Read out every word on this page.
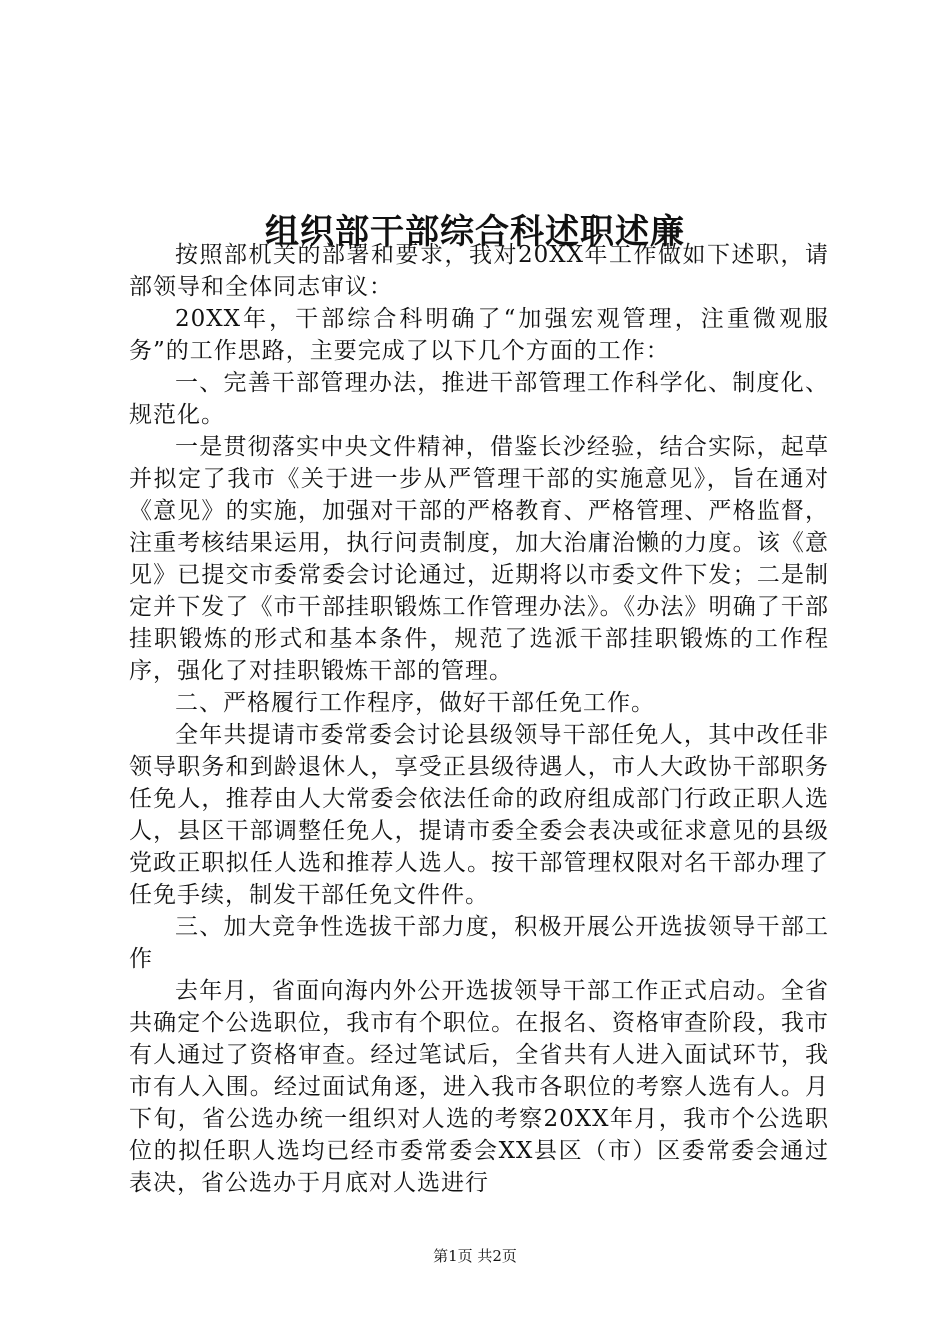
组织部干部综合科述职述廉

按照部机关的部署和要求，我对20XX年工作做如下述职，请部领导和全体同志审议：

20XX年，干部综合科明确了“加强宏观管理，注重微观服务”的工作思路，主要完成了以下几个方面的工作：

一、完善干部管理办法，推进干部管理工作科学化、制度化、规范化。

一是贯彻落实中央文件精神，借鉴长沙经验，结合实际，起草并拟定了我市《关于进一步从严管理干部的实施意见》，旨在通对《意见》的实施，加强对干部的严格教育、严格管理、严格监督，注重考核结果运用，执行问责制度，加大治庸治懒的力度。该《意见》已提交市委常委会讨论通过，近期将以市委文件下发；二是制定并下发了《市干部挂职锻炼工作管理办法》。《办法》明确了干部挂职锻炼的形式和基本条件，规范了选派干部挂职锻炼的工作程序，强化了对挂职锻炼干部的管理。

二、严格履行工作程序，做好干部任免工作。

全年共提请市委常委会讨论县级领导干部任免人，其中改任非领导职务和到龄退休人，享受正县级待遇人，市人大政协干部职务任免人，推荐由人大常委会依法任命的政府组成部门行政正职人选人，县区干部调整任免人，提请市委全委会表决或征求意见的县级党政正职拟任人选和推荐人选人。按干部管理权限对名干部办理了任免手续，制发干部任免文件件。

三、加大竞争性选拔干部力度，积极开展公开选拔领导干部工作

去年月，省面向海内外公开选拔领导干部工作正式启动。全省共确定个公选职位，我市有个职位。在报名、资格审查阶段，我市有人通过了资格审查。经过笔试后，全省共有人进入面试环节，我市有人入围。经过面试角逐，进入我市各职位的考察人选有人。月下旬，省公选办统一组织对人选的考察20XX年月，我市个公选职位的拟任职人选均已经市委常委会XX县区（市）区委常委会通过表决，省公选办于月底对人选进行

第1页 共2页
